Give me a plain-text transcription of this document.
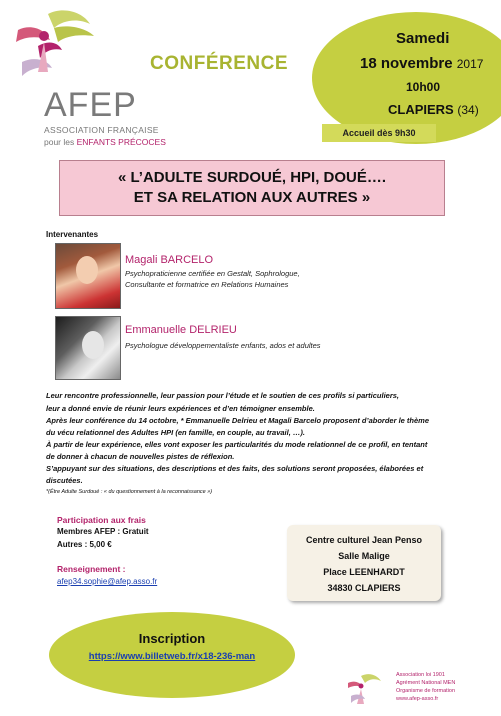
AFEP
ASSOCIATION FRANÇAISE
pour les ENFANTS PRÉCOCES
CONFÉRENCE
Samedi
18 novembre 2017
10h00
CLAPIERS (34)
Accueil dès 9h30
« L’ADULTE SURDOUÉ, HPI, DOUÉ….
ET SA RELATION AUX AUTRES »
Intervenantes
Magali BARCELO
Psychopraticienne certifiée en Gestalt, Sophrologue,
Consultante et formatrice en Relations Humaines
Emmanuelle DELRIEU
Psychologue développementaliste enfants, ados et adultes
Leur rencontre professionnelle, leur passion pour l’étude et le soutien de ces profils si particuliers,
leur a donné envie de réunir leurs expériences et d’en témoigner ensemble.
Après leur conférence du 14 octobre, * Emmanuelle Delrieu et Magali Barcelo proposent d’aborder le thème
du vécu relationnel des Adultes HPI (en famille, en couple, au travail, …).
À partir de leur expérience, elles vont exposer les particularités du mode relationnel de ce profil, en tentant
de donner à chacun de nouvelles pistes de réflexion.
S’appuyant sur des situations, des descriptions et des faits, des solutions seront proposées, élaborées et
discutées.
*(Être Adulte Surdoué : « du questionnement à la reconnaissance »)
Participation aux frais
Membres AFEP : Gratuit
Autres : 5,00 €
Renseignement :
afep34.sophie@afep.asso.fr
Centre culturel Jean Penso
Salle Malige
Place LEENHARDT
34830 CLAPIERS
Inscription
https://www.billetweb.fr/x18-236-man
Association loi 1901
Agrément National MEN
Organisme de formation
www.afep-asso.fr
